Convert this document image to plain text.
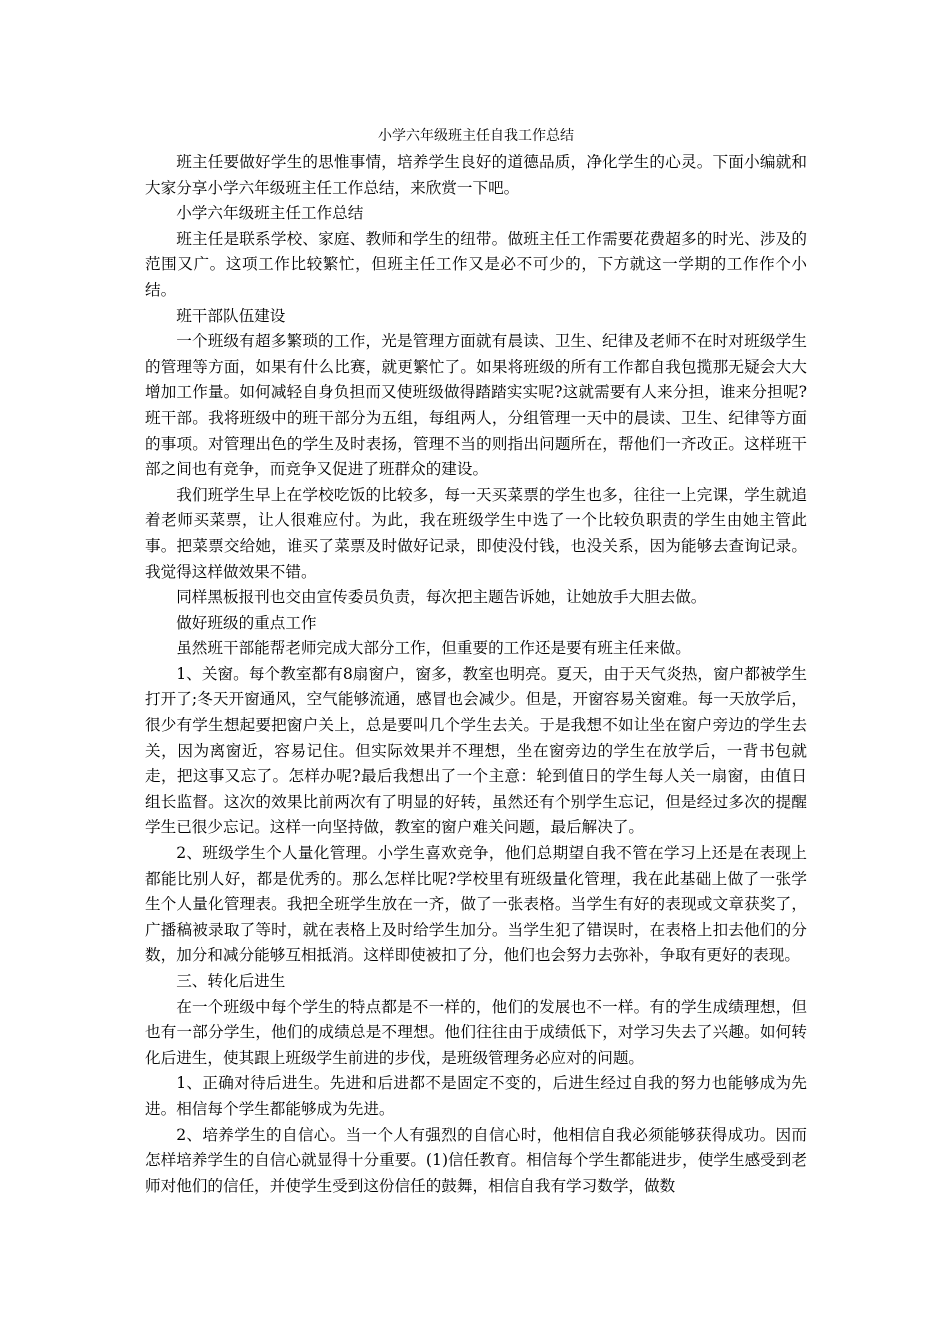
小学六年级班主任自我工作总结

班主任要做好学生的思惟事情，培养学生良好的道德品质，净化学生的心灵。下面小编就和大家分享小学六年级班主任工作总结，来欣赏一下吧。

小学六年级班主任工作总结

班主任是联系学校、家庭、教师和学生的纽带。做班主任工作需要花费超多的时光、涉及的范围又广。这项工作比较繁忙，但班主任工作又是必不可少的，下方就这一学期的工作作个小结。

班干部队伍建设

一个班级有超多繁琐的工作，光是管理方面就有晨读、卫生、纪律及老师不在时对班级学生的管理等方面，如果有什么比赛，就更繁忙了。如果将班级的所有工作都自我包揽那无疑会大大增加工作量。如何减轻自身负担而又使班级做得踏踏实实呢?这就需要有人来分担，谁来分担呢?班干部。我将班级中的班干部分为五组，每组两人，分组管理一天中的晨读、卫生、纪律等方面的事项。对管理出色的学生及时表扬，管理不当的则指出问题所在，帮他们一齐改正。这样班干部之间也有竞争，而竞争又促进了班群众的建设。

我们班学生早上在学校吃饭的比较多，每一天买菜票的学生也多，往往一上完课，学生就追着老师买菜票，让人很难应付。为此，我在班级学生中选了一个比较负职责的学生由她主管此事。把菜票交给她，谁买了菜票及时做好记录，即使没付钱，也没关系，因为能够去查询记录。我觉得这样做效果不错。

同样黑板报刊也交由宣传委员负责，每次把主题告诉她，让她放手大胆去做。

做好班级的重点工作

虽然班干部能帮老师完成大部分工作，但重要的工作还是要有班主任来做。

1、关窗。每个教室都有8扇窗户，窗多，教室也明亮。夏天，由于天气炎热，窗户都被学生打开了;冬天开窗通风，空气能够流通，感冒也会减少。但是，开窗容易关窗难。每一天放学后，很少有学生想起要把窗户关上，总是要叫几个学生去关。于是我想不如让坐在窗户旁边的学生去关，因为离窗近，容易记住。但实际效果并不理想，坐在窗旁边的学生在放学后，一背书包就走，把这事又忘了。怎样办呢?最后我想出了一个主意：轮到值日的学生每人关一扇窗，由值日组长监督。这次的效果比前两次有了明显的好转，虽然还有个别学生忘记，但是经过多次的提醒学生已很少忘记。这样一向坚持做，教室的窗户难关问题，最后解决了。

2、班级学生个人量化管理。小学生喜欢竞争，他们总期望自我不管在学习上还是在表现上都能比别人好，都是优秀的。那么怎样比呢?学校里有班级量化管理，我在此基础上做了一张学生个人量化管理表。我把全班学生放在一齐，做了一张表格。当学生有好的表现或文章获奖了，广播稿被录取了等时，就在表格上及时给学生加分。当学生犯了错误时，在表格上扣去他们的分数，加分和减分能够互相抵消。这样即使被扣了分，他们也会努力去弥补，争取有更好的表现。

三、转化后进生

在一个班级中每个学生的特点都是不一样的，他们的发展也不一样。有的学生成绩理想，但也有一部分学生，他们的成绩总是不理想。他们往往由于成绩低下，对学习失去了兴趣。如何转化后进生，使其跟上班级学生前进的步伐，是班级管理务必应对的问题。

1、正确对待后进生。先进和后进都不是固定不变的，后进生经过自我的努力也能够成为先进。相信每个学生都能够成为先进。

2、培养学生的自信心。当一个人有强烈的自信心时，他相信自我必须能够获得成功。因而怎样培养学生的自信心就显得十分重要。(1)信任教育。相信每个学生都能进步，使学生感受到老师对他们的信任，并使学生受到这份信任的鼓舞，相信自我有学习数学，做数
